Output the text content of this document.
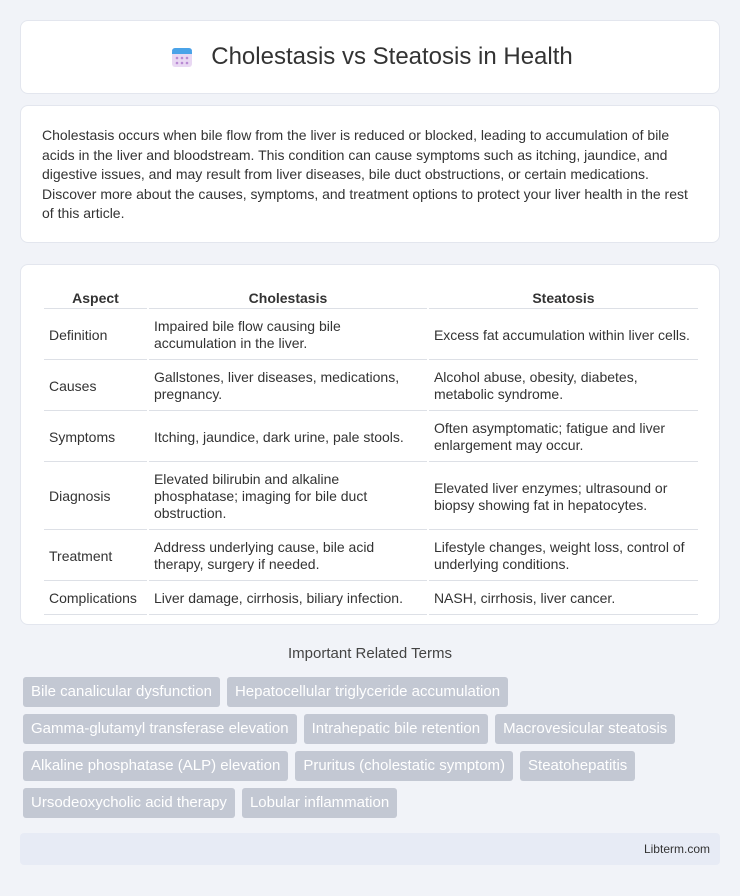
Cholestasis vs Steatosis in Health

Cholestasis occurs when bile flow from the liver is reduced or blocked, leading to accumulation of bile acids in the liver and bloodstream. This condition can cause symptoms such as itching, jaundice, and digestive issues, and may result from liver diseases, bile duct obstructions, or certain medications. Discover more about the causes, symptoms, and treatment options to protect your liver health in the rest of this article.

Aspect	Cholestasis	Steatosis
Definition	Impaired bile flow causing bile accumulation in the liver.	Excess fat accumulation within liver cells.
Causes	Gallstones, liver diseases, medications, pregnancy.	Alcohol abuse, obesity, diabetes, metabolic syndrome.
Symptoms	Itching, jaundice, dark urine, pale stools.	Often asymptomatic; fatigue and liver enlargement may occur.
Diagnosis	Elevated bilirubin and alkaline phosphatase; imaging for bile duct obstruction.	Elevated liver enzymes; ultrasound or biopsy showing fat in hepatocytes.
Treatment	Address underlying cause, bile acid therapy, surgery if needed.	Lifestyle changes, weight loss, control of underlying conditions.
Complications	Liver damage, cirrhosis, biliary infection.	NASH, cirrhosis, liver cancer.
Important Related Terms
Bile canalicular dysfunction	Hepatocellular triglyceride accumulation
Gamma-glutamyl transferase elevation	Intrahepatic bile retention	Macrovesicular steatosis
Alkaline phosphatase (ALP) elevation	Pruritus (cholestatic symptom)	Steatohepatitis
Ursodeoxycholic acid therapy	Lobular inflammation
Libterm.com
